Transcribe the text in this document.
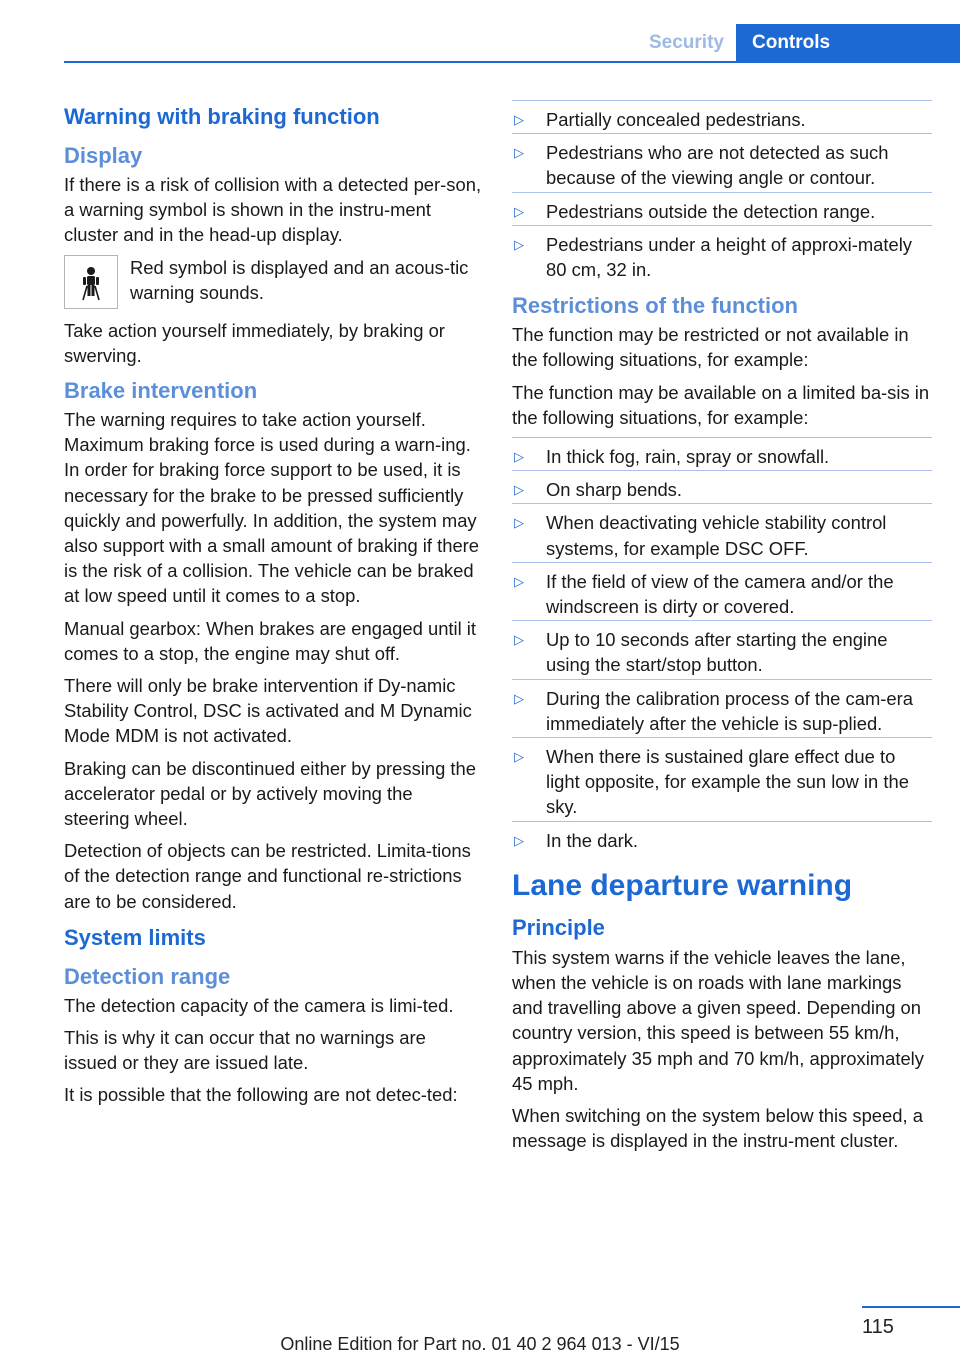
Security	Controls
Warning with braking function
Display

If there is a risk of collision with a detected per-son, a warning symbol is shown in the instru-ment cluster and in the head-up display.

Red symbol is displayed and an acous-tic warning sounds.

Take action yourself immediately, by braking or swerving.

Brake intervention

The warning requires to take action yourself. Maximum braking force is used during a warn-ing. In order for braking force support to be used, it is necessary for the brake to be pressed sufficiently quickly and powerfully. In addition, the system may also support with a small amount of braking if there is the risk of a collision. The vehicle can be braked at low speed until it comes to a stop.

Manual gearbox: When brakes are engaged until it comes to a stop, the engine may shut off.

There will only be brake intervention if Dy-namic Stability Control, DSC is activated and M Dynamic Mode MDM is not activated.

Braking can be discontinued either by pressing the accelerator pedal or by actively moving the steering wheel.

Detection of objects can be restricted. Limita-tions of the detection range and functional re-strictions are to be considered.

System limits
Detection range

The detection capacity of the camera is limi-ted.

This is why it can occur that no warnings are issued or they are issued late.

It is possible that the following are not detec-ted:

▷	Partially concealed pedestrians.
▷	Pedestrians who are not detected as such because of the viewing angle or contour.
▷	Pedestrians outside the detection range.
▷	Pedestrians under a height of approxi-mately 80 cm, 32 in.
Restrictions of the function

The function may be restricted or not available in the following situations, for example:

The function may be available on a limited ba-sis in the following situations, for example:

▷	In thick fog, rain, spray or snowfall.
▷	On sharp bends.
▷	When deactivating vehicle stability control systems, for example DSC OFF.
▷	If the field of view of the camera and/or the windscreen is dirty or covered.
▷	Up to 10 seconds after starting the engine using the start/stop button.
▷	During the calibration process of the cam-era immediately after the vehicle is sup-plied.
▷	When there is sustained glare effect due to light opposite, for example the sun low in the sky.
▷	In the dark.
Lane departure warning
Principle

This system warns if the vehicle leaves the lane, when the vehicle is on roads with lane markings and travelling above a given speed. Depending on country version, this speed is between 55 km/h, approximately 35 mph and 70 km/h, approximately 45 mph.

When switching on the system below this speed, a message is displayed in the instru-ment cluster.

115
Online Edition for Part no. 01 40 2 964 013 - VI/15
